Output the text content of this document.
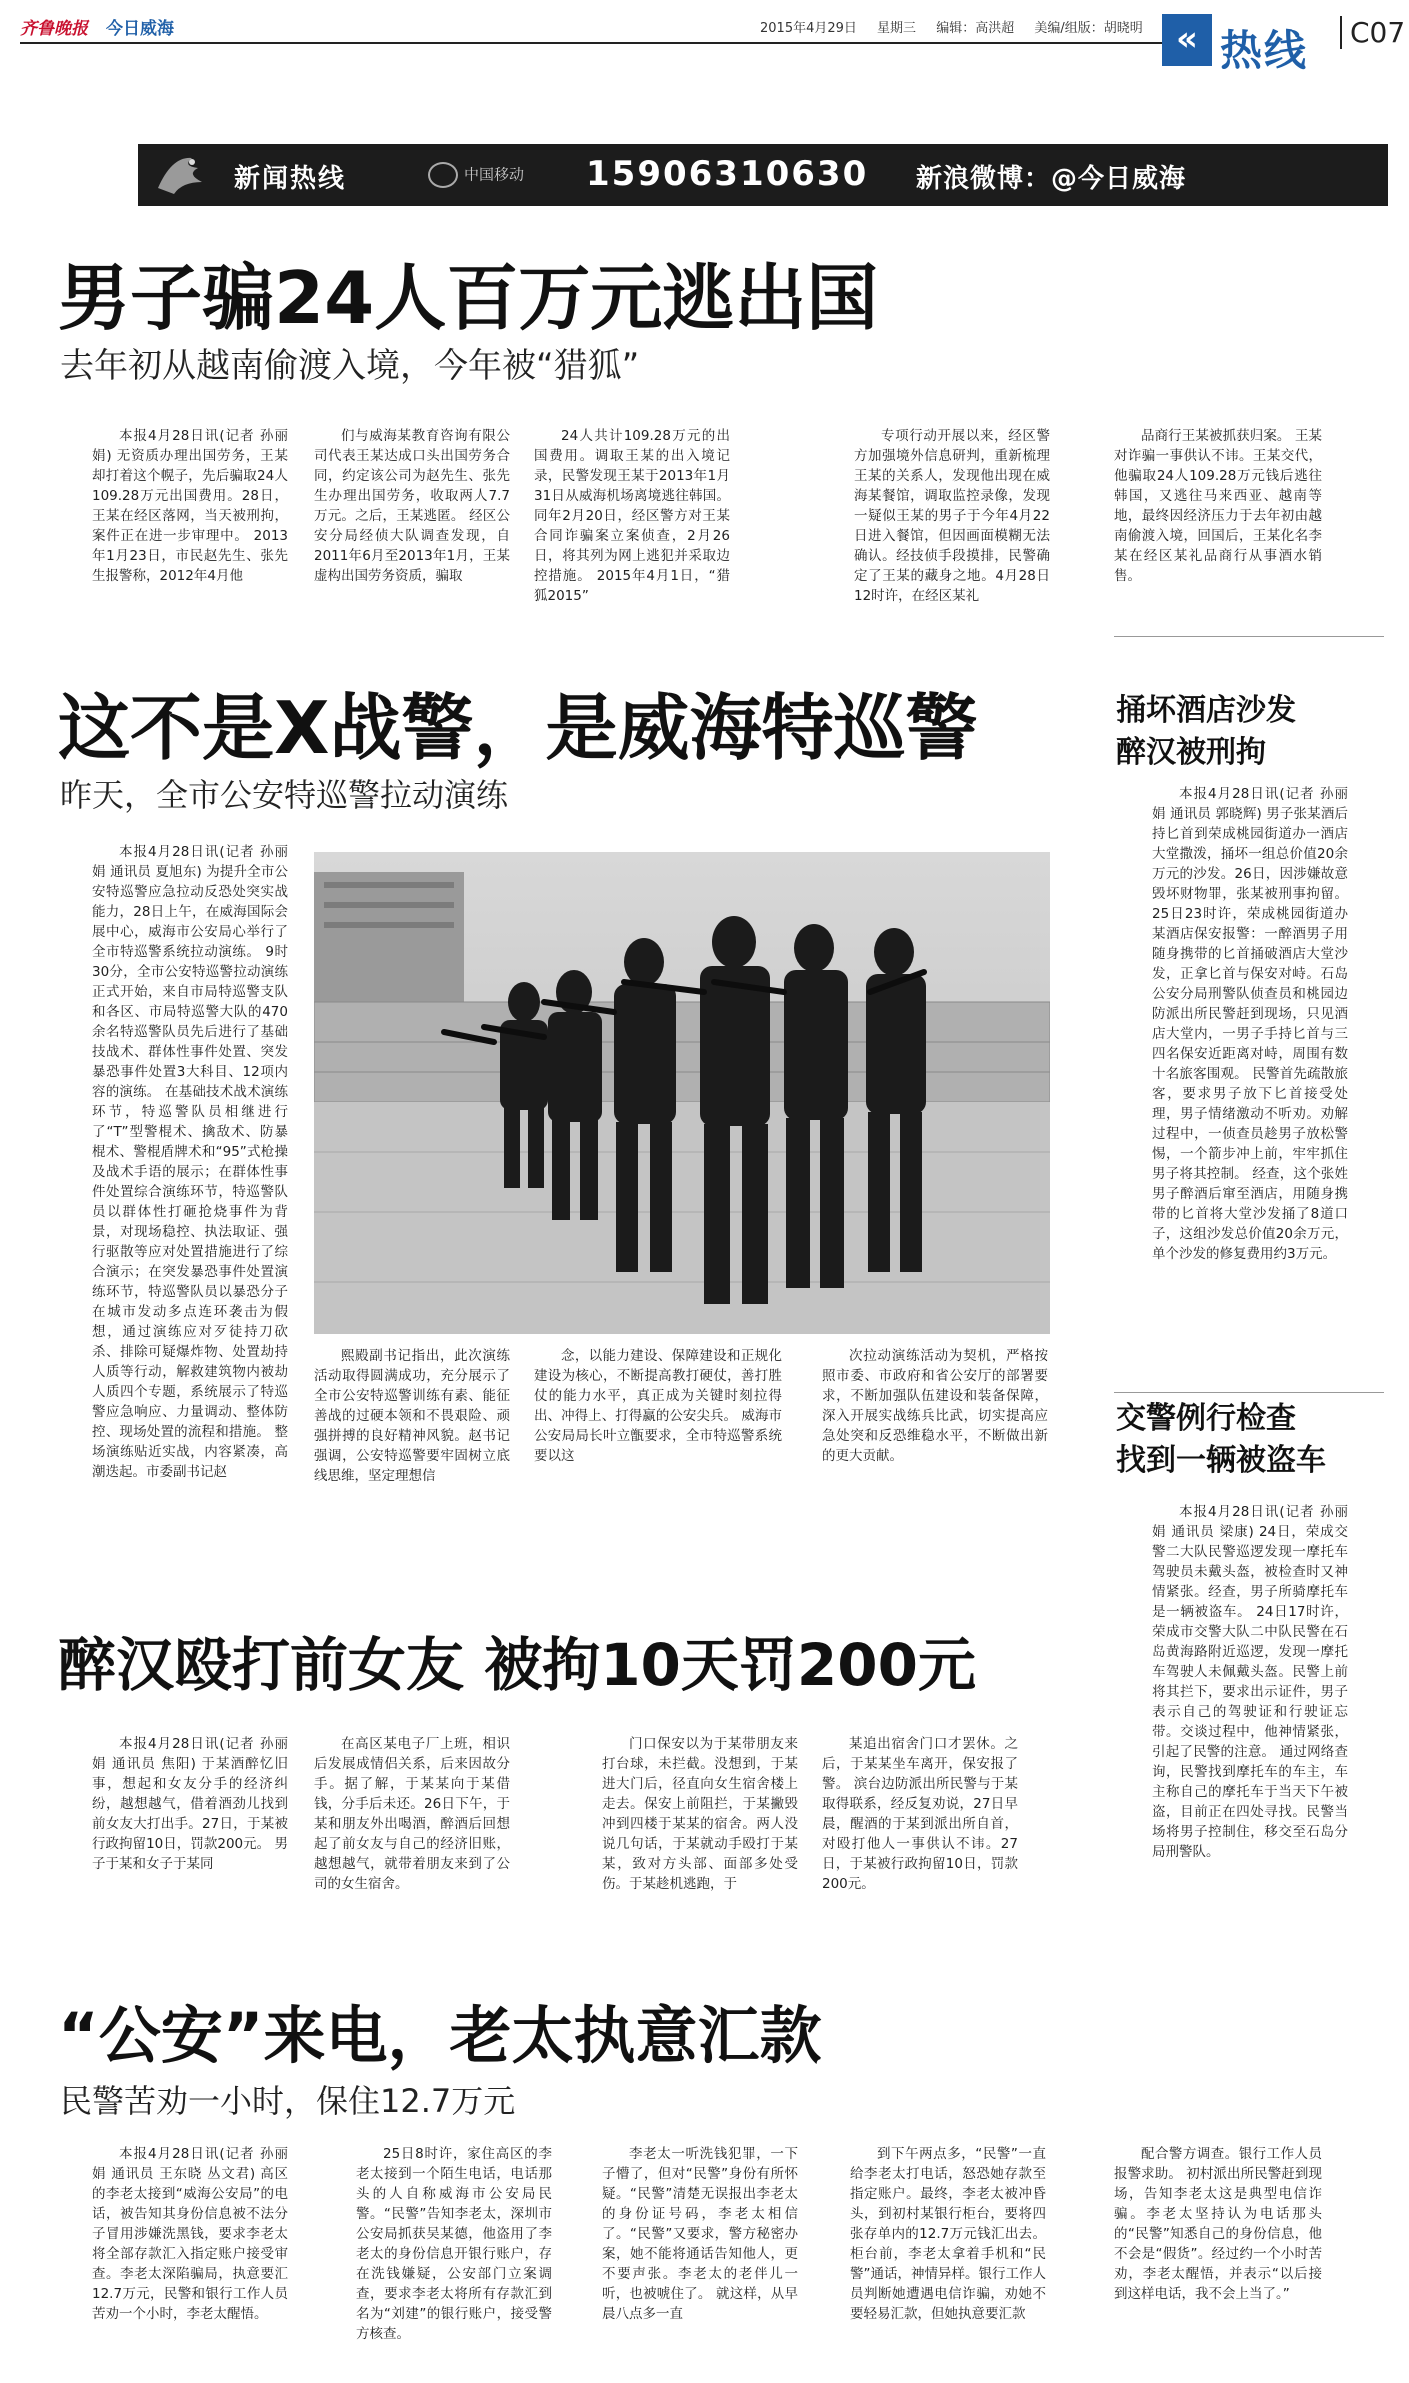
齐鲁晚报 今日威海	2015年4月29日 星期三 编辑：高洪超 美编/组版：胡晓明 « 热线	C07
新闻热线	中国移动 15906310630 新浪微博：@今日威海
男子骗24人百万元逃出国
去年初从越南偷渡入境，今年被“猎狐”

本报4月28日讯(记者 孙丽娟) 无资质办理出国劳务，王某却打着这个幌子，先后骗取24人109.28万元出国费用。28日，王某在经区落网，当天被刑拘，案件正在进一步审理中。 2013年1月23日，市民赵先生、张先生报警称，2012年4月他

们与威海某教育咨询有限公司代表王某达成口头出国劳务合同，约定该公司为赵先生、张先生办理出国劳务，收取两人7.7万元。之后，王某逃匿。 经区公安分局经侦大队调查发现，自2011年6月至2013年1月，王某虚构出国劳务资质，骗取

24人共计109.28万元的出国费用。调取王某的出入境记录，民警发现王某于2013年1月31日从威海机场离境逃往韩国。同年2月20日，经区警方对王某合同诈骗案立案侦查，2月26日，将其列为网上逃犯并采取边控措施。 2015年4月1日，“猎狐2015”

专项行动开展以来，经区警方加强境外信息研判，重新梳理王某的关系人，发现他出现在威海某餐馆，调取监控录像，发现一疑似王某的男子于今年4月22日进入餐馆，但因画面模糊无法确认。经技侦手段摸排，民警确定了王某的藏身之地。4月28日12时许，在经区某礼

品商行王某被抓获归案。 王某对诈骗一事供认不讳。王某交代，他骗取24人109.28万元钱后逃往韩国，又逃往马来西亚、越南等地，最终因经济压力于去年初由越南偷渡入境，回国后，王某化名李某在经区某礼品商行从事酒水销售。

这不是X战警，是威海特巡警
昨天，全市公安特巡警拉动演练

本报4月28日讯(记者 孙丽娟 通讯员 夏旭东) 为提升全市公安特巡警应急拉动反恐处突实战能力，28日上午，在威海国际会展中心，威海市公安局心举行了全市特巡警系统拉动演练。 9时30分，全市公安特巡警拉动演练正式开始，来自市局特巡警支队和各区、市局特巡警大队的470余名特巡警队员先后进行了基础技战术、群体性事件处置、突发暴恐事件处置3大科目、12项内容的演练。 在基础技术战术演练环节，特巡警队员相继进行了“T”型警棍术、擒敌术、防暴棍术、警棍盾牌术和“95”式枪操及战术手语的展示；在群体性事件处置综合演练环节，特巡警队员以群体性打砸抢烧事件为背景，对现场稳控、执法取证、强行驱散等应对处置措施进行了综合演示；在突发暴恐事件处置演练环节，特巡警队员以暴恐分子在城市发动多点连环袭击为假想，通过演练应对歹徒持刀砍杀、排除可疑爆炸物、处置劫持人质等行动，解救建筑物内被劫人质四个专题，系统展示了特巡警应急响应、力量调动、整体防控、现场处置的流程和措施。 整场演练贴近实战，内容紧凑，高潮迭起。市委副书记赵

熙殿副书记指出，此次演练活动取得圆满成功，充分展示了全市公安特巡警训练有素、能征善战的过硬本领和不畏艰险、顽强拼搏的良好精神风貌。赵书记强调，公安特巡警要牢固树立底线思维，坚定理想信

念，以能力建设、保障建设和正规化建设为核心，不断提高教打硬仗，善打胜仗的能力水平，真正成为关键时刻拉得出、冲得上、打得赢的公安尖兵。 威海市公安局局长叶立甑要求，全市特巡警系统要以这

次拉动演练活动为契机，严格按照市委、市政府和省公安厅的部署要求，不断加强队伍建设和装备保障，深入开展实战练兵比武，切实提高应急处突和反恐维稳水平，不断做出新的更大贡献。

捅坏酒店沙发
醉汉被刑拘

本报4月28日讯(记者 孙丽娟 通讯员 郭晓辉) 男子张某酒后持匕首到荣成桃园街道办一酒店大堂撒泼，捅坏一组总价值20余万元的沙发。26日，因涉嫌故意毁坏财物罪，张某被刑事拘留。 25日23时许，荣成桃园街道办某酒店保安报警：一醉酒男子用随身携带的匕首捅破酒店大堂沙发，正拿匕首与保安对峙。石岛公安分局刑警队侦查员和桃园边防派出所民警赶到现场，只见酒店大堂内，一男子手持匕首与三四名保安近距离对峙，周围有数十名旅客围观。 民警首先疏散旅客，要求男子放下匕首接受处理，男子情绪激动不听劝。劝解过程中，一侦查员趁男子放松警惕，一个箭步冲上前，牢牢抓住男子将其控制。 经查，这个张姓男子醉酒后窜至酒店，用随身携带的匕首将大堂沙发捅了8道口子，这组沙发总价值20余万元，单个沙发的修复费用约3万元。

交警例行检查
找到一辆被盗车

本报4月28日讯(记者 孙丽娟 通讯员 梁康) 24日，荣成交警二大队民警巡逻发现一摩托车驾驶员未戴头盔，被检查时又神情紧张。经查，男子所骑摩托车是一辆被盗车。 24日17时许，荣成市交警大队二中队民警在石岛黄海路附近巡逻，发现一摩托车驾驶人未佩戴头盔。民警上前将其拦下，要求出示证件，男子表示自己的驾驶证和行驶证忘带。交谈过程中，他神情紧张，引起了民警的注意。 通过网络查询，民警找到摩托车的车主，车主称自己的摩托车于当天下午被盗，目前正在四处寻找。民警当场将男子控制住，移交至石岛分局刑警队。

醉汉殴打前女友 被拘10天罚200元

本报4月28日讯(记者 孙丽娟 通讯员 焦阳) 于某酒醉忆旧事，想起和女友分手的经济纠纷，越想越气，借着酒劲儿找到前女友大打出手。27日，于某被行政拘留10日，罚款200元。 男子于某和女子于某同

在高区某电子厂上班，相识后发展成情侣关系，后来因故分手。据了解，于某某向于某借钱，分手后未还。26日下午，于某和朋友外出喝酒，醉酒后回想起了前女友与自己的经济旧账，越想越气，就带着朋友来到了公司的女生宿舍。

门口保安以为于某带朋友来打台球，未拦截。没想到，于某进大门后，径直向女生宿舍楼上走去。保安上前阻拦，于某撇毁冲到四楼于某某的宿舍。两人没说几句话，于某就动手殴打于某某，致对方头部、面部多处受伤。于某趁机逃跑，于

某追出宿舍门口才罢休。之后，于某某坐车离开，保安报了警。 滨台边防派出所民警与于某取得联系，经反复劝说，27日早晨，醒酒的于某到派出所自首，对殴打他人一事供认不讳。27日，于某被行政拘留10日，罚款200元。

“公安”来电，老太执意汇款
民警苦劝一小时，保住12.7万元

本报4月28日讯(记者 孙丽娟 通讯员 王东晓 丛文君) 高区的李老太接到“威海公安局”的电话，被告知其身份信息被不法分子冒用涉嫌洗黑钱，要求李老太将全部存款汇入指定账户接受审查。李老太深陷骗局，执意要汇12.7万元，民警和银行工作人员苦劝一个小时，李老太醒悟。

25日8时许，家住高区的李老太接到一个陌生电话，电话那头的人自称威海市公安局民警。“民警”告知李老太，深圳市公安局抓获吴某德，他盗用了李老太的身份信息开银行账户，存在洗钱嫌疑，公安部门立案调查，要求李老太将所有存款汇到名为“刘建”的银行账户，接受警方核查。

李老太一听洗钱犯罪，一下子懵了，但对“民警”身份有所怀疑。“民警”清楚无误报出李老太的身份证号码，李老太相信了。“民警”又要求，警方秘密办案，她不能将通话告知他人，更不要声张。李老太的老伴儿一听，也被唬住了。 就这样，从早晨八点多一直

到下午两点多，“民警”一直给李老太打电话，怒恐她存款至指定账户。最终，李老太被冲昏头，到初村某银行柜台，要将四张存单内的12.7万元钱汇出去。 柜台前，李老太拿着手机和“民警”通话，神情异样。银行工作人员判断她遭遇电信诈骗，劝她不要轻易汇款，但她执意要汇款

配合警方调查。银行工作人员报警求助。 初村派出所民警赶到现场，告知李老太这是典型电信诈骗。李老太坚持认为电话那头的“民警”知悉自己的身份信息，他不会是“假货”。经过约一个小时苦劝，李老太醒悟，并表示“以后接到这样电话，我不会上当了。”
